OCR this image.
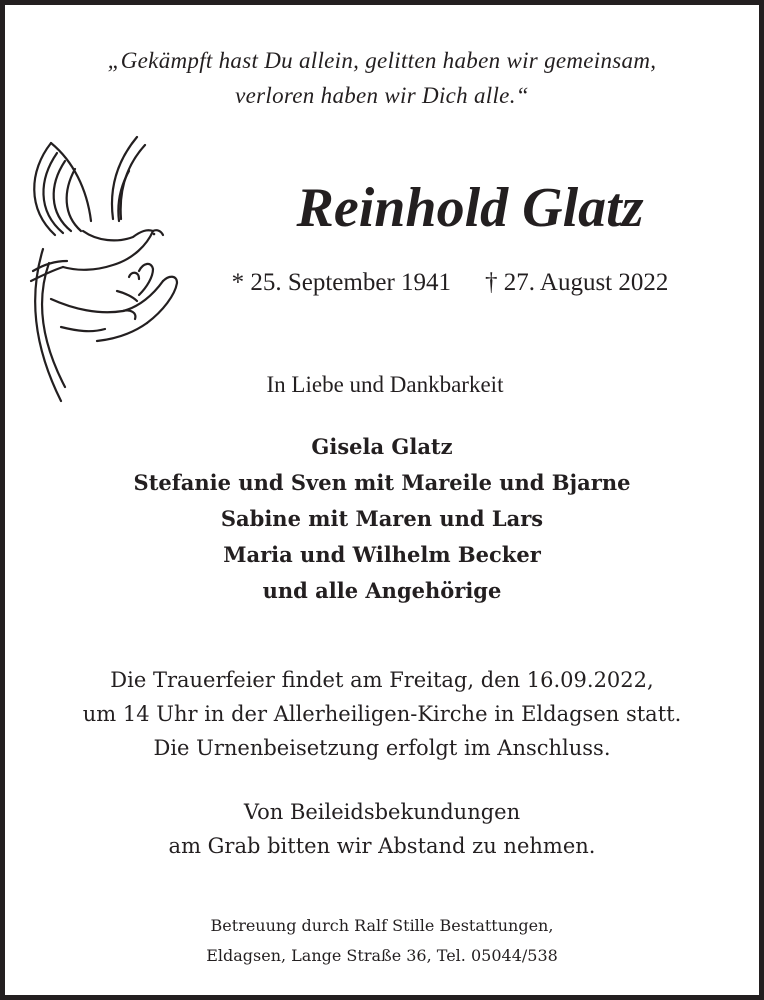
„Gekämpft hast Du allein, gelitten haben wir gemeinsam,
verloren haben wir Dich alle.“
Reinhold Glatz
* 25. September 1941 † 27. August 2022
In Liebe und Dankbarkeit
Gisela Glatz
Stefanie und Sven mit Mareile und Bjarne
Sabine mit Maren und Lars
Maria und Wilhelm Becker
und alle Angehörige
Die Trauerfeier findet am Freitag, den 16.09.2022,
um 14 Uhr in der Allerheiligen-Kirche in Eldagsen statt.
Die Urnenbeisetzung erfolgt im Anschluss.
Von Beileidsbekundungen
am Grab bitten wir Abstand zu nehmen.
Betreuung durch Ralf Stille Bestattungen,
Eldagsen, Lange Straße 36, Tel. 05044/538
